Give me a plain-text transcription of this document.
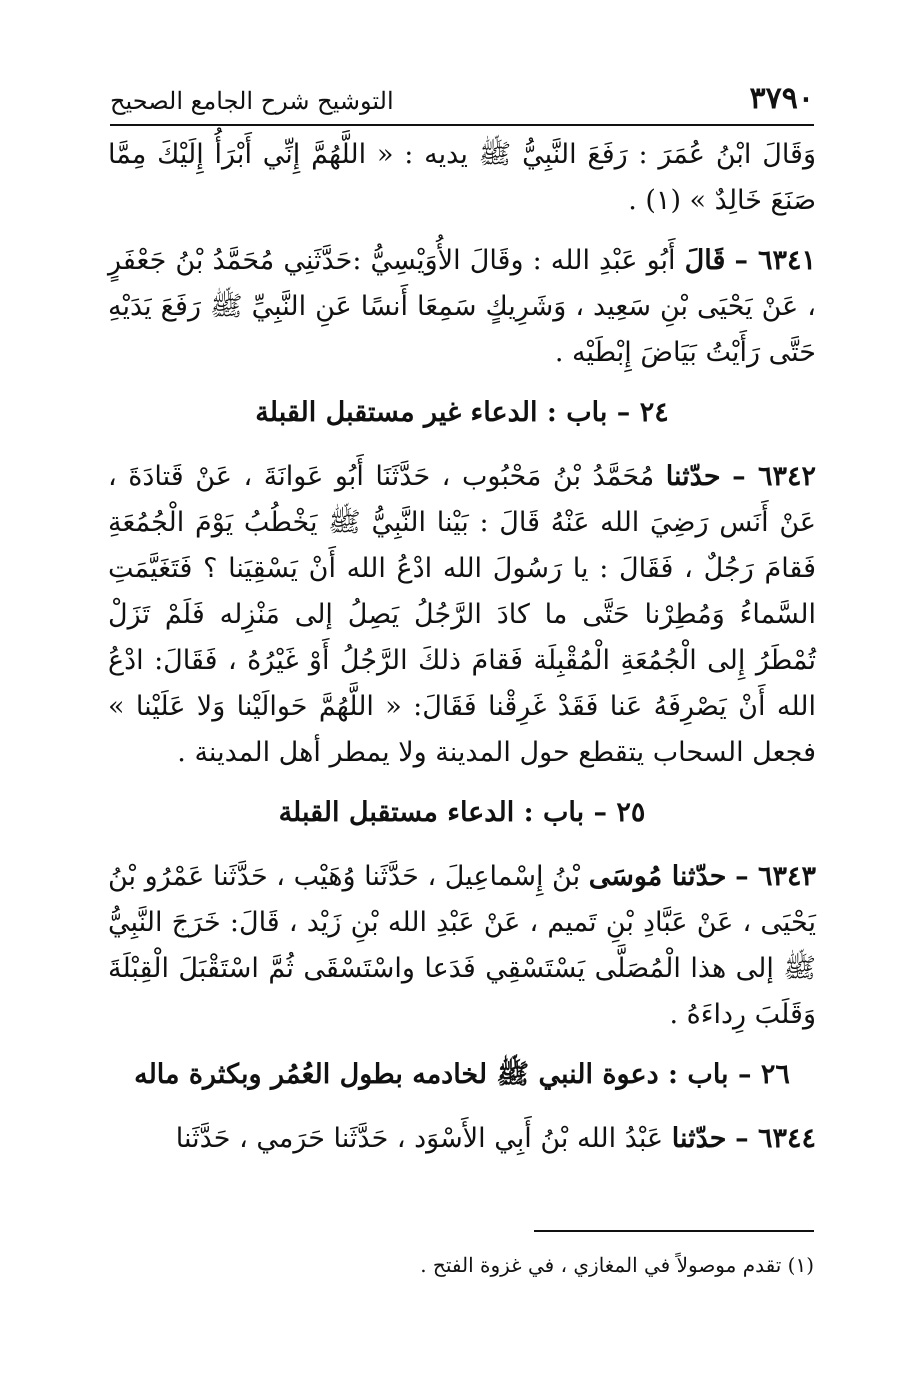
٣٧٩٠
التوشيح شرح الجامع الصحيح

وَقَالَ ابْنُ عُمَرَ : رَفَعَ النَّبِيُّ ﷺ يديه : « اللَّهُمَّ إِنِّي أَبْرَأُ إِلَيْكَ مِمَّا صَنَعَ خَالِدٌ » (١) .

٦٣٤١ – قَالَ أَبُو عَبْدِ الله : وقَالَ الأُوَيْسِيُّ :حَدَّثَنِي مُحَمَّدُ بْنُ جَعْفَرٍ ، عَنْ يَحْيَى بْنِ سَعِيد ، وَشَرِيكٍ سَمِعَا أَنسًا عَنِ النَّبِيِّ ﷺ رَفَعَ يَدَيْهِ حَتَّى رَأَيْتُ بَيَاضَ إِبْطَيْه .

٢٤ – باب : الدعاء غير مستقبل القبلة

٦٣٤٢ – حدّثنا مُحَمَّدُ بْنُ مَحْبُوب ، حَدَّثَنَا أَبُو عَوانَةَ ، عَنْ قَتادَةَ ، عَنْ أَنَس رَضِيَ الله عَنْهُ قَالَ : بَيْنا النَّبِيُّ ﷺ يَخْطُبُ يَوْمَ الْجُمُعَةِ فَقامَ رَجُلٌ ، فَقَالَ : يا رَسُولَ الله ادْعُ الله أَنْ يَسْقِيَنا ؟ فَتَغَيَّمَتِ السَّماءُ وَمُطِرْنا حَتَّى ما كادَ الرَّجُلُ يَصِلُ إلى مَنْزِله فَلَمْ تَزَلْ تُمْطَرُ إِلى الْجُمُعَةِ الْمُقْبِلَة فَقامَ ذلكَ الرَّجُلُ أَوْ غَيْرُهُ ، فَقَالَ: ادْعُ الله أَنْ يَصْرِفَهُ عَنا فَقَدْ غَرِقْنا فَقَالَ: « اللَّهُمَّ حَوالَيْنا وَلا عَلَيْنا » فجعل السحاب يتقطع حول المدينة ولا يمطر أهل المدينة .

٢٥ – باب : الدعاء مستقبل القبلة

٦٣٤٣ – حدّثنا مُوسَى بْنُ إِسْماعِيلَ ، حَدَّثَنا وُهَيْب ، حَدَّثَنا عَمْرُو بْنُ يَحْيَى ، عَنْ عَبَّادِ بْنِ تَميم ، عَنْ عَبْدِ الله بْنِ زَيْد ، قَالَ: خَرَجَ النَّبِيُّ ﷺ إلى هذا الْمُصَلَّى يَسْتَسْقِي فَدَعا واسْتَسْقَى ثُمَّ اسْتَقْبَلَ الْقِبْلَةَ وَقَلَبَ رِداءَهُ .

٢٦ – باب : دعوة النبي ﷺ لخادمه بطول العُمُر وبكثرة ماله

٦٣٤٤ – حدّثنا عَبْدُ الله بْنُ أَبِي الأَسْوَد ، حَدَّثَنا حَرَمي ، حَدَّثَنا

(١) تقدم موصولاً في المغازي ، في غزوة الفتح .
